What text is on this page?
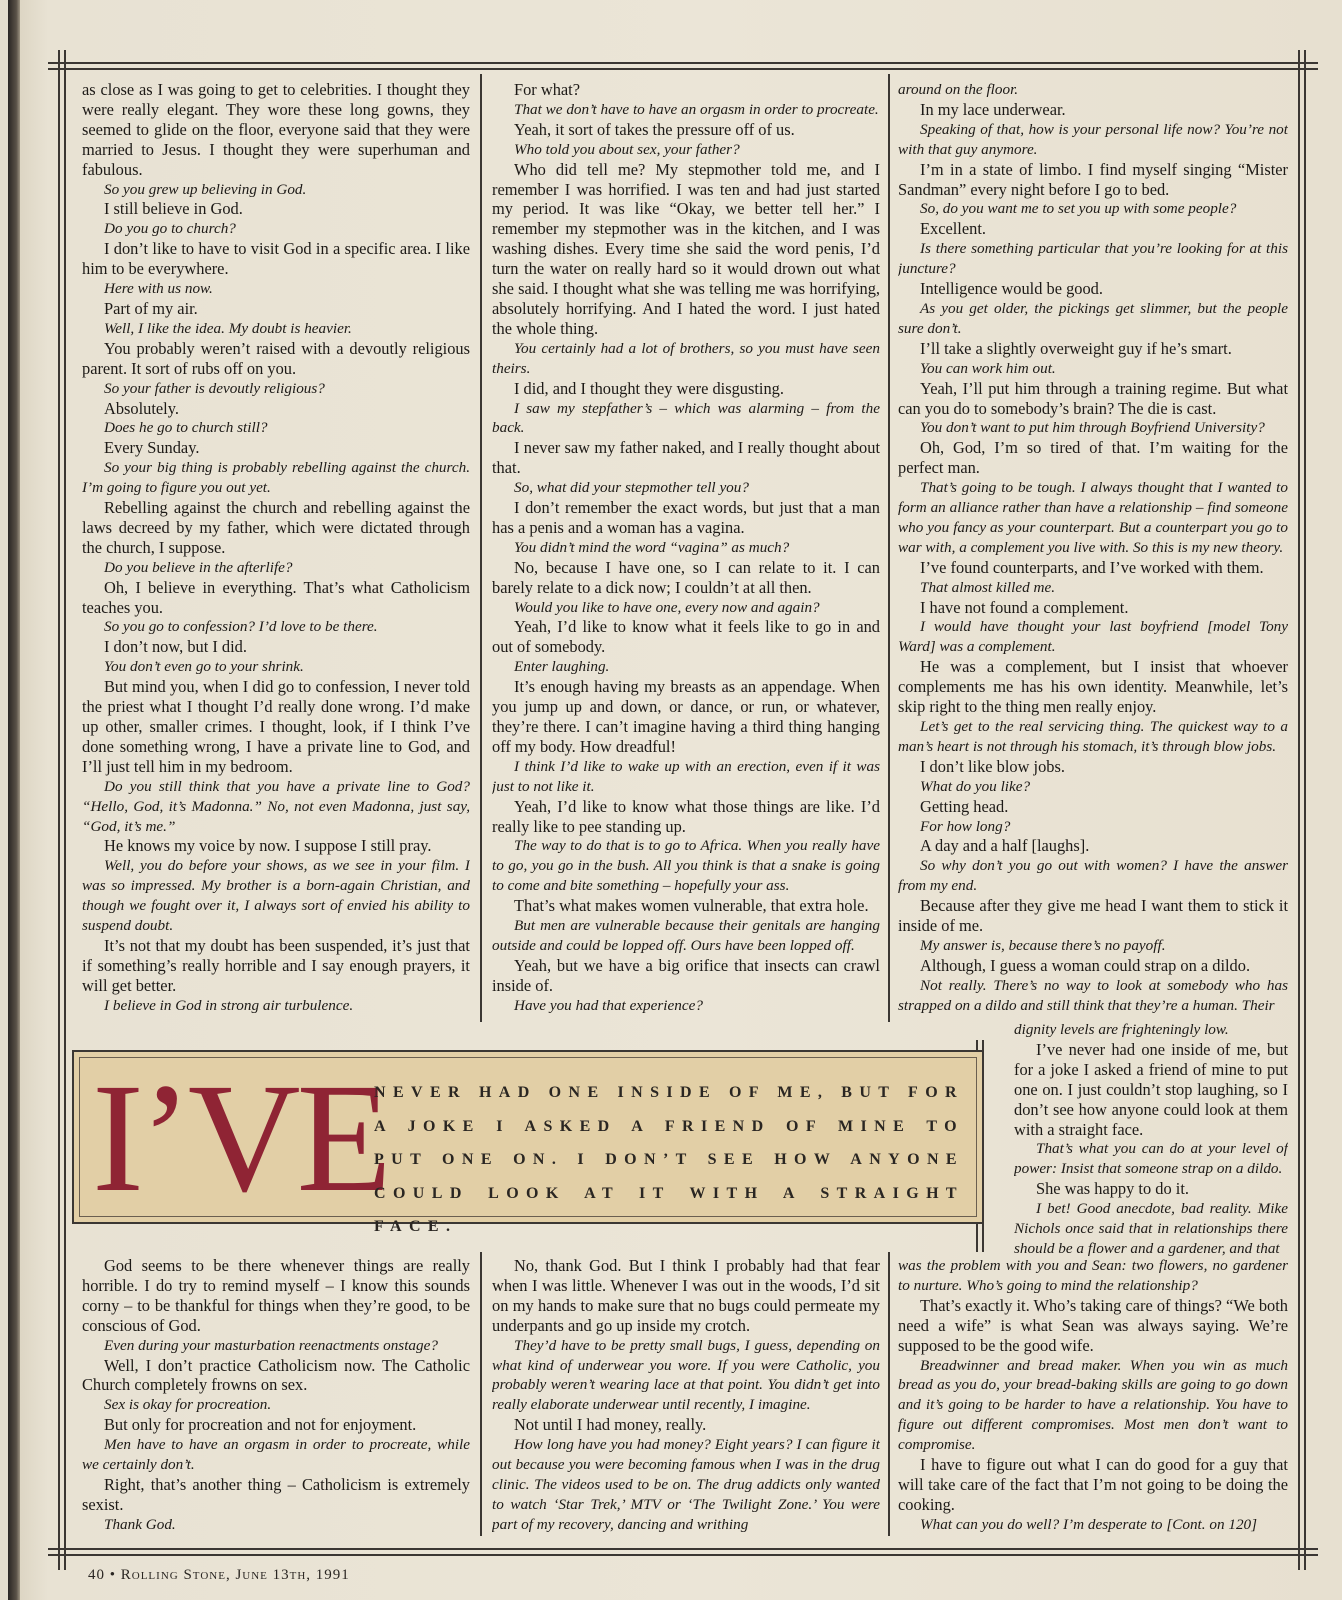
as close as I was going to get to celebrities. I thought they were really elegant. They wore these long gowns, they seemed to glide on the floor, everyone said that they were married to Jesus. I thought they were superhuman and fabulous.

So you grew up believing in God.

I still believe in God.

Do you go to church?

I don’t like to have to visit God in a specific area. I like him to be everywhere.

Here with us now.

Part of my air.

Well, I like the idea. My doubt is heavier.

You probably weren’t raised with a devoutly religious parent. It sort of rubs off on you.

So your father is devoutly religious?

Absolutely.

Does he go to church still?

Every Sunday.

So your big thing is probably rebelling against the church. I’m going to figure you out yet.

Rebelling against the church and rebelling against the laws decreed by my father, which were dictated through the church, I suppose.

Do you believe in the afterlife?

Oh, I believe in everything. That’s what Catholicism teaches you.

So you go to confession? I’d love to be there.

I don’t now, but I did.

You don’t even go to your shrink.

But mind you, when I did go to confession, I never told the priest what I thought I’d really done wrong. I’d make up other, smaller crimes. I thought, look, if I think I’ve done something wrong, I have a private line to God, and I’ll just tell him in my bedroom.

Do you still think that you have a private line to God? “Hello, God, it’s Madonna.” No, not even Madonna, just say, “God, it’s me.”

He knows my voice by now. I suppose I still pray.

Well, you do before your shows, as we see in your film. I was so impressed. My brother is a born-again Christian, and though we fought over it, I always sort of envied his ability to suspend doubt.

It’s not that my doubt has been suspended, it’s just that if something’s really horrible and I say enough prayers, it will get better.

I believe in God in strong air turbulence.

For what?

That we don’t have to have an orgasm in order to procreate.

Yeah, it sort of takes the pressure off of us.

Who told you about sex, your father?

Who did tell me? My stepmother told me, and I remember I was horrified. I was ten and had just started my period. It was like “Okay, we better tell her.” I remember my stepmother was in the kitchen, and I was washing dishes. Every time she said the word penis, I’d turn the water on really hard so it would drown out what she said. I thought what she was telling me was horrifying, absolutely horrifying. And I hated the word. I just hated the whole thing.

You certainly had a lot of brothers, so you must have seen theirs.

I did, and I thought they were disgusting.

I saw my stepfather’s – which was alarming – from the back.

I never saw my father naked, and I really thought about that.

So, what did your stepmother tell you?

I don’t remember the exact words, but just that a man has a penis and a woman has a vagina.

You didn’t mind the word “vagina” as much?

No, because I have one, so I can relate to it. I can barely relate to a dick now; I couldn’t at all then.

Would you like to have one, every now and again?

Yeah, I’d like to know what it feels like to go in and out of somebody.

Enter laughing.

It’s enough having my breasts as an appendage. When you jump up and down, or dance, or run, or whatever, they’re there. I can’t imagine having a third thing hanging off my body. How dreadful!

I think I’d like to wake up with an erection, even if it was just to not like it.

Yeah, I’d like to know what those things are like. I’d really like to pee standing up.

The way to do that is to go to Africa. When you really have to go, you go in the bush. All you think is that a snake is going to come and bite something – hopefully your ass.

That’s what makes women vulnerable, that extra hole.

But men are vulnerable because their genitals are hanging outside and could be lopped off. Ours have been lopped off.

Yeah, but we have a big orifice that insects can crawl inside of.

Have you had that experience?

around on the floor.

In my lace underwear.

Speaking of that, how is your personal life now? You’re not with that guy anymore.

I’m in a state of limbo. I find myself singing “Mister Sandman” every night before I go to bed.

So, do you want me to set you up with some people?

Excellent.

Is there something particular that you’re looking for at this juncture?

Intelligence would be good.

As you get older, the pickings get slimmer, but the people sure don’t.

I’ll take a slightly overweight guy if he’s smart.

You can work him out.

Yeah, I’ll put him through a training regime. But what can you do to somebody’s brain? The die is cast.

You don’t want to put him through Boyfriend University?

Oh, God, I’m so tired of that. I’m waiting for the perfect man.

That’s going to be tough. I always thought that I wanted to form an alliance rather than have a relationship – find someone who you fancy as your counterpart. But a counterpart you go to war with, a complement you live with. So this is my new theory.

I’ve found counterparts, and I’ve worked with them.

That almost killed me.

I have not found a complement.

I would have thought your last boyfriend [model Tony Ward] was a complement.

He was a complement, but I insist that whoever complements me has his own identity. Meanwhile, let’s skip right to the thing men really enjoy.

Let’s get to the real servicing thing. The quickest way to a man’s heart is not through his stomach, it’s through blow jobs.

I don’t like blow jobs.

What do you like?

Getting head.

For how long?

A day and a half [laughs].

So why don’t you go out with women? I have the answer from my end.

Because after they give me head I want them to stick it inside of me.

My answer is, because there’s no payoff.

Although, I guess a woman could strap on a dildo.

Not really. There’s no way to look at somebody who has strapped on a dildo and still think that they’re a human. Their

dignity levels are frighteningly low.

I’ve never had one inside of me, but for a joke I asked a friend of mine to put one on. I just couldn’t stop laughing, so I don’t see how anyone could look at them with a straight face.

That’s what you can do at your level of power: Insist that someone strap on a dildo.

She was happy to do it.

I bet! Good anecdote, bad reality. Mike Nichols once said that in relationships there should be a flower and a gardener, and that

God seems to be there whenever things are really horrible. I do try to remind myself – I know this sounds corny – to be thankful for things when they’re good, to be conscious of God.

Even during your masturbation reenactments onstage?

Well, I don’t practice Catholicism now. The Catholic Church completely frowns on sex.

Sex is okay for procreation.

But only for procreation and not for enjoyment.

Men have to have an orgasm in order to procreate, while we certainly don’t.

Right, that’s another thing – Catholicism is extremely sexist.

Thank God.

No, thank God. But I think I probably had that fear when I was little. Whenever I was out in the woods, I’d sit on my hands to make sure that no bugs could permeate my underpants and go up inside my crotch.

They’d have to be pretty small bugs, I guess, depending on what kind of underwear you wore. If you were Catholic, you probably weren’t wearing lace at that point. You didn’t get into really elaborate underwear until recently, I imagine.

Not until I had money, really.

How long have you had money? Eight years? I can figure it out because you were becoming famous when I was in the drug clinic. The videos used to be on. The drug addicts only wanted to watch ‘Star Trek,’ MTV or ‘The Twilight Zone.’ You were part of my recovery, dancing and writhing

was the problem with you and Sean: two flowers, no gardener to nurture. Who’s going to mind the relationship?

That’s exactly it. Who’s taking care of things? “We both need a wife” is what Sean was always saying. We’re supposed to be the good wife.

Breadwinner and bread maker. When you win as much bread as you do, your bread-baking skills are going to go down and it’s going to be harder to have a relationship. You have to figure out different compromises. Most men don’t want to compromise.

I have to figure out what I can do good for a guy that will take care of the fact that I’m not going to be doing the cooking.

What can you do well? I’m desperate to [Cont. on 120]

I’VE
NEVER HAD ONE INSIDE OF ME, BUT FOR A JOKE I ASKED A FRIEND OF MINE TO PUT ONE ON. I DON’T SEE HOW ANYONE COULD LOOK AT IT WITH A STRAIGHT FACE.
40 • Rolling Stone, June 13th, 1991
